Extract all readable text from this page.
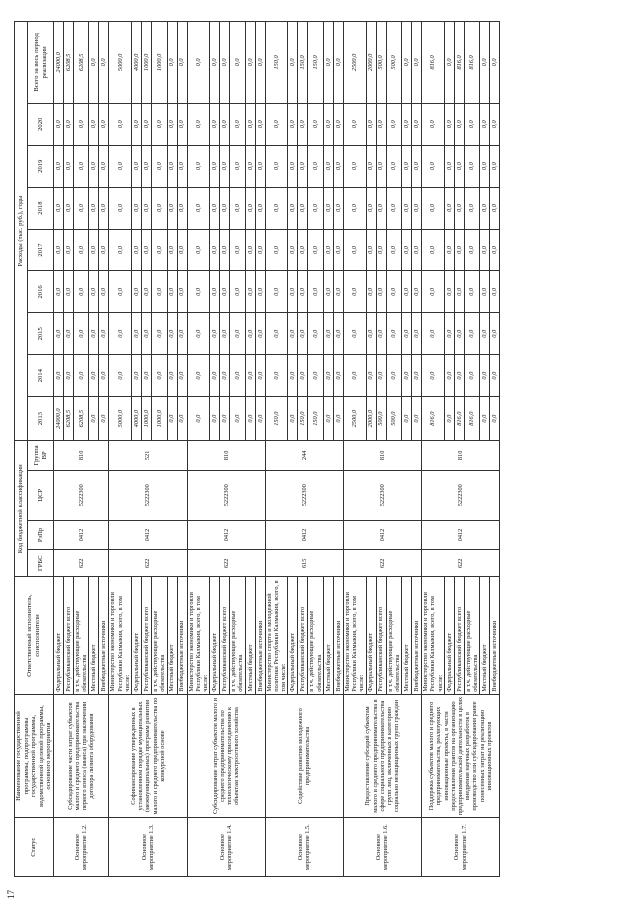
17
Статус	Наименование государственной программы, подпрограммы государственной программы, ведомственной целевой программы, основного мероприятия	Ответственный исполнитель, соисполнители	Код бюджетной классификации				Расходы (тыс. руб.), годы								
			ГРБС	РзПр	ЦСР	Группа ВР	2013	2014	2015	2016	2017	2018	2019	2020	Всего за весь период реализации
Основное мероприятие 1.2.	Субсидирование части затрат субъектов малого и среднего предпринимательства первого взноса (аванса) при заключении договора лизинга оборудования	Федеральный бюджет	622	0412	5222300	810	24000,0	0,0	0,0	0,0	0,0	0,0	0,0	0,0	24000,0
		Республиканский бюджет всего					6208,5	0,0	0,0	0,0	0,0	0,0	0,0	0,0	6208,5
		в т.ч. действующие расходные обязательства					6208,5	0,0	0,0	0,0	0,0	0,0	0,0	0,0	6208,5
		Местный бюджет					0,0	0,0	0,0	0,0	0,0	0,0	0,0	0,0	0,0
		Внебюджетные источники					0,0	0,0	0,0	0,0	0,0	0,0	0,0	0,0	0,0
Основное мероприятие 1.3.	Софинансирование утвержденных в установленном порядке муниципальных (межмуниципальных) программ развития малого и среднего предпринимательства по конкурсной основе	Министерство экономики и торговли Республики Калмыкия, всего, в том числе:	622	0412	5222300	521	5000,0	0,0	0,0	0,0	0,0	0,0	0,0	0,0	5000,0
		Федеральный бюджет					4000,0	0,0	0,0	0,0	0,0	0,0	0,0	0,0	4000,0
		Республиканский бюджет всего					1000,0	0,0	0,0	0,0	0,0	0,0	0,0	0,0	1000,0
		в т.ч. действующие расходные обязательства					1000,0	0,0	0,0	0,0	0,0	0,0	0,0	0,0	1000,0
		Местный бюджет					0,0	0,0	0,0	0,0	0,0	0,0	0,0	0,0	0,0
		Внебюджетные источники					0,0	0,0	0,0	0,0	0,0	0,0	0,0	0,0	0,0
Основное мероприятие 1.4.	Субсидирование затрат субъектов малого и среднего предпринимательства по технологическому присоединению к объектам электросетевого хозяйства	Министерство экономики и торговли Республики Калмыкия, всего, в том числе:	622	0412	5222300	810	0,0	0,0	0,0	0,0	0,0	0,0	0,0	0,0	0,0
		Федеральный бюджет					0,0	0,0	0,0	0,0	0,0	0,0	0,0	0,0	0,0
		Республиканский бюджет всего					0,0	0,0	0,0	0,0	0,0	0,0	0,0	0,0	0,0
		в т.ч. действующие расходные обязательства					0,0	0,0	0,0	0,0	0,0	0,0	0,0	0,0	0,0
		Местный бюджет					0,0	0,0	0,0	0,0	0,0	0,0	0,0	0,0	0,0
		Внебюджетные источники					0,0	0,0	0,0	0,0	0,0	0,0	0,0	0,0	0,0
Основное мероприятие 1.5.	Содействие развитию молодежного предпринимательства	Министерство спорта и молодежной политики Республики Калмыкия, всего, в том числе:	615	0412	5222300	244	150,0	0,0	0,0	0,0	0,0	0,0	0,0	0,0	150,0
		Федеральный бюджет					0,0	0,0	0,0	0,0	0,0	0,0	0,0	0,0	0,0
		Республиканский бюджет всего					150,0	0,0	0,0	0,0	0,0	0,0	0,0	0,0	150,0
		в т.ч. действующие расходные обязательства					150,0	0,0	0,0	0,0	0,0	0,0	0,0	0,0	150,0
		Местный бюджет					0,0	0,0	0,0	0,0	0,0	0,0	0,0	0,0	0,0
		Внебюджетные источники					0,0	0,0	0,0	0,0	0,0	0,0	0,0	0,0	0,0
Основное мероприятие 1.6.	Предоставление субсидий субъектам малого и среднего предпринимательства в сфере социального предпринимательства групп лиц, включенных в категорию социально незащищенных групп граждан	Министерство экономики и торговли Республики Калмыкия, всего, в том числе:	622	0412	5222300	810	2500,0	0,0	0,0	0,0	0,0	0,0	0,0	0,0	2500,0
		Федеральный бюджет					2000,0	0,0	0,0	0,0	0,0	0,0	0,0	0,0	2000,0
		Республиканский бюджет всего					500,0	0,0	0,0	0,0	0,0	0,0	0,0	0,0	500,0
		в т.ч. действующие расходные обязательства					500,0	0,0	0,0	0,0	0,0	0,0	0,0	0,0	500,0
		Местный бюджет					0,0	0,0	0,0	0,0	0,0	0,0	0,0	0,0	0,0
		Внебюджетные источники					0,0	0,0	0,0	0,0	0,0	0,0	0,0	0,0	0,0
Основное мероприятие 1.7.	Поддержка субъектов малого и среднего предпринимательства, реализующих инновационные проекты, в части предоставления грантов на организацию предпринимательской деятельности в целях внедрения научных разработок в производство или субсидирования ранее понесенных затрат на реализацию инновационных проектов	Министерство экономики и торговли Республики Калмыкия, всего, в том числе:	622	0412	5222300	810	816,0	0,0	0,0	0,0	0,0	0,0	0,0	0,0	816,0
		Федеральный бюджет					0,0	0,0	0,0	0,0	0,0	0,0	0,0	0,0	0,0
		Республиканский бюджет всего					816,0	0,0	0,0	0,0	0,0	0,0	0,0	0,0	816,0
		в т.ч. действующие расходные обязательства					816,0	0,0	0,0	0,0	0,0	0,0	0,0	0,0	816,0
		Местный бюджет					0,0	0,0	0,0	0,0	0,0	0,0	0,0	0,0	0,0
		Внебюджетные источники					0,0	0,0	0,0	0,0	0,0	0,0	0,0	0,0	0,0
